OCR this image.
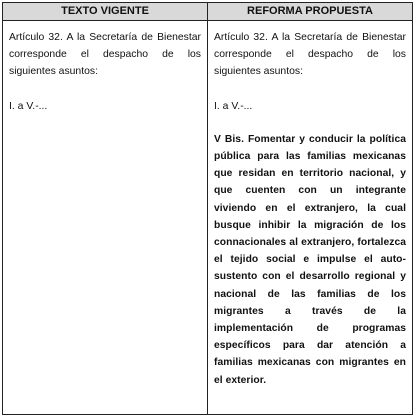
TEXTO VIGENTE	REFORMA PROPUESTA

Artículo 32. A la Secretaría de Bienestar corresponde el despacho de los siguientes asuntos:

I. a V.-...

Artículo 32. A la Secretaría de Bienestar corresponde el despacho de los siguientes asuntos:

I. a V.-...

V Bis. Fomentar y conducir la política pública para las familias mexicanas que residan en territorio nacional, y que cuenten con un integrante viviendo en el extranjero, la cual busque inhibir la migración de los connacionales al extranjero, fortalezca el tejido social e impulse el auto-sustento con el desarrollo regional y nacional de las familias de los migrantes a través de la implementación de programas específicos para dar atención a familias mexicanas con migrantes en el exterior.
